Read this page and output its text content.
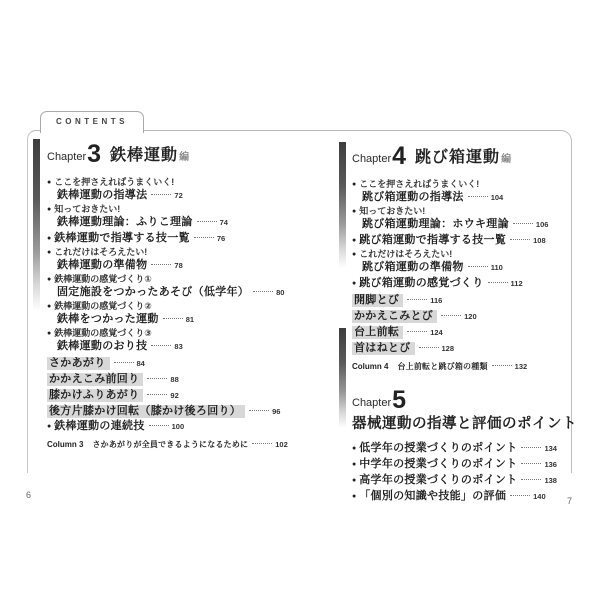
CONTENTS
Chapter3 鉄棒運動編
● ここを押さえればうまくいく!
鉄棒運動の指導法	72
● 知っておきたい!
鉄棒運動理論：ふりこ理論	74
● 鉄棒運動で指導する技一覧	76
● これだけはそろえたい!
鉄棒運動の準備物	78
● 鉄棒運動の感覚づくり①
固定施設をつかったあそび（低学年）	80
● 鉄棒運動の感覚づくり②
鉄棒をつかった運動	81
● 鉄棒運動の感覚づくり③
鉄棒運動のおり技	83
さかあがり	84
かかえこみ前回り	88
膝かけふりあがり	92
後方片膝かけ回転（膝かけ後ろ回り）	96
● 鉄棒運動の連続技	100
Column 3 さかあがりが全員できるようになるために	102
Chapter4 跳び箱運動編
● ここを押さえればうまくいく!
跳び箱運動の指導法	104
● 知っておきたい!
跳び箱運動理論：ホウキ理論	106
● 跳び箱運動で指導する技一覧	108
● これだけはそろえたい!
跳び箱運動の準備物	110
● 跳び箱運動の感覚づくり	112
開脚とび	116
かかえこみとび	120
台上前転	124
首はねとび	128
Column 4 台上前転と跳び箱の種類	132
Chapter5
器械運動の指導と評価のポイント
● 低学年の授業づくりのポイント	134
● 中学年の授業づくりのポイント	136
● 高学年の授業づくりのポイント	138
● 「個別の知識や技能」の評価	140
6
7
